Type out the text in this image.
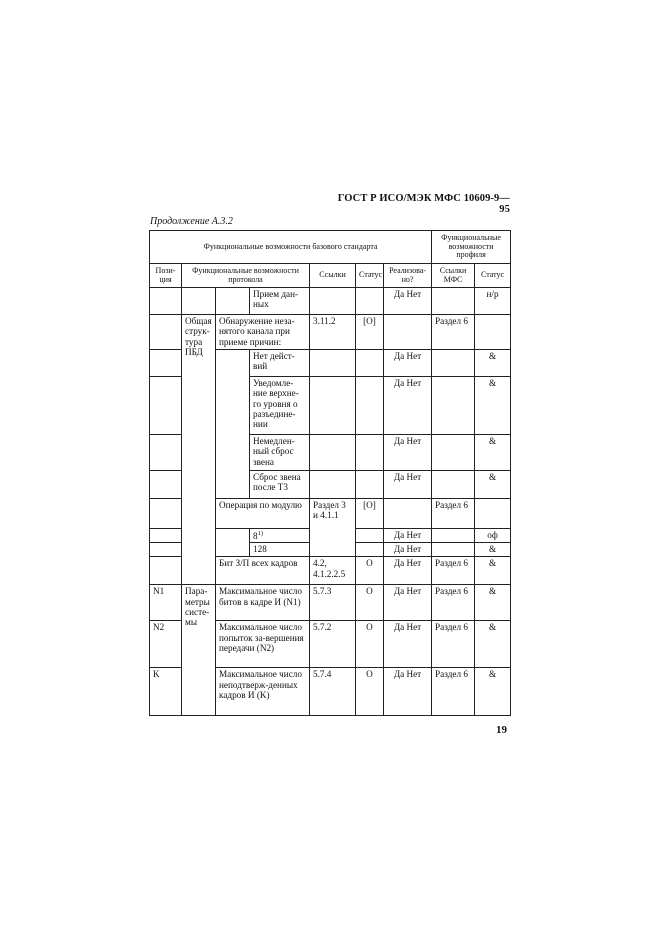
ГОСТ Р ИСО/МЭК МФС 10609-9—95
Продолжение А.3.2
Функциональные возможности базового стандарта							Функциональные возможности профиля	
Пози-ция	Функциональные возможности протокола			Ссылки	Статус	Реализова-но?	Ссылки МФС	Статус
			Прием дан-ных			Да Нет		н/р
	Общая струк-тура ПБД	Обнаружение неза-нятого канала при приеме причин:		3.11.2	[O]		Раздел 6	
			Нет дейст-вий			Да Нет		&
			Уведомле-ние верхне-го уровня о разъедине-нии			Да Нет		&
			Немедлен-ный сброс звена			Да Нет		&
			Сброс звена после Т3			Да Нет		&
		Операция по модулю		Раздел 3 и 4.1.1	[O]		Раздел 6	
			8$^{1)}$			Да Нет		оф
			128			Да Нет		&
		Бит З/П всех кадров		4.2, 4.1.2.2.5	О	Да Нет	Раздел 6	&
N1	Пара-метры систе-мы	Максимальное число битов в кадре И (N1)		5.7.3	О	Да Нет	Раздел 6	&
N2		Максимальное число попыток за-вершения передачи (N2)		5.7.2	О	Да Нет	Раздел 6	&
K		Максимальное число неподтверж-денных кадров И (K)		5.7.4	О	Да Нет	Раздел 6	&
19
